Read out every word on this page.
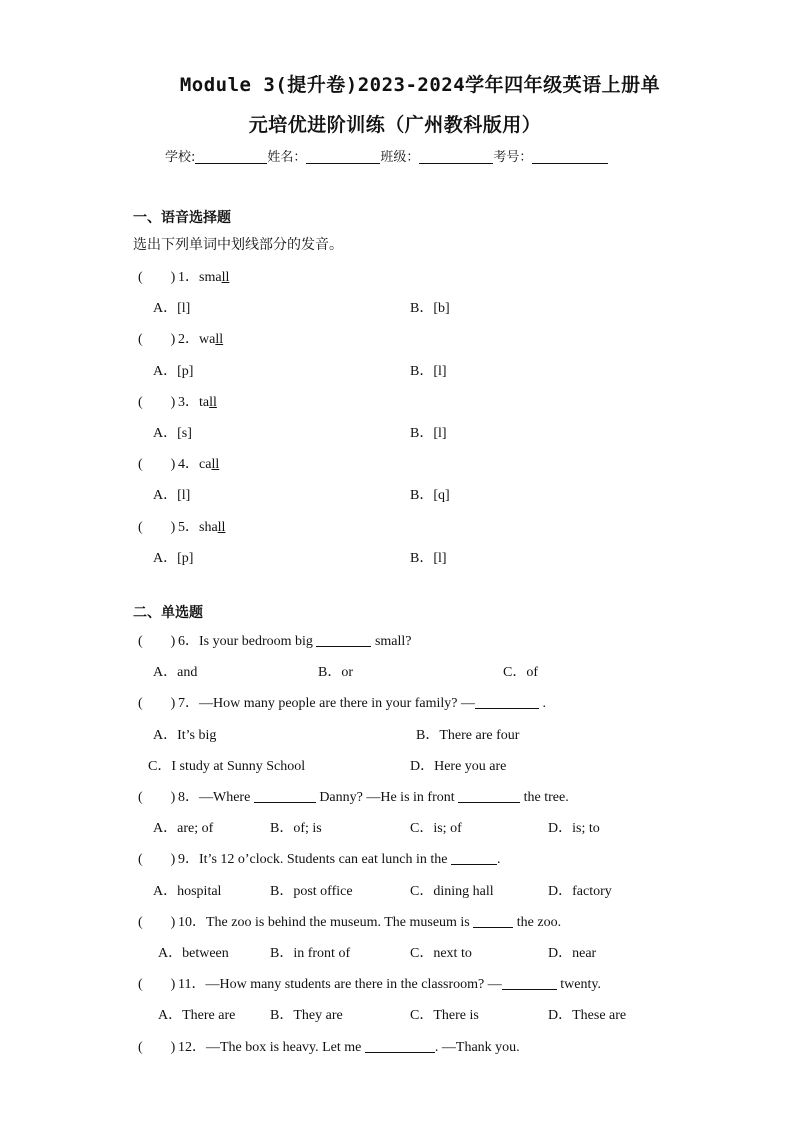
Module 3(提升卷)2023-2024学年四年级英语上册单
元培优进阶训练（广州教科版用）
学校:	姓名：	班级：	考号：
一、语音选择题
选出下列单词中划线部分的发音。
(　　) 1．small
A．[l]	B．[b]
(　　) 2．wall
A．[p]	B．[l]
(　　) 3．tall
A．[s]	B．[l]
(　　) 4．call
A．[l]	B．[q]
(　　) 5．shall
A．[p]	B．[l]
二、单选题
(　　) 6．Is your bedroom big	small?
A．and	B．or	C．of
(　　) 7．—How many people are there in your family? —	.
A．It’s big	B．There are four
C．I study at Sunny School	D．Here you are
(　　) 8．—Where	Danny? —He is in front	the tree.
A．are; of	B．of; is	C．is; of	D．is; to
(　　) 9．It’s 12 o’clock. Students can eat lunch in the	.
A．hospital	B．post office	C．dining hall	D．factory
(　　) 10．The zoo is behind the museum. The museum is	the zoo.
A．between	B．in front of	C．next to	D．near
(　　) 11．—How many students are there in the classroom? —	twenty.
A．There are B．They are	C．There is	D．These are
(　　) 12．—The box is heavy. Let me	. —Thank you.
